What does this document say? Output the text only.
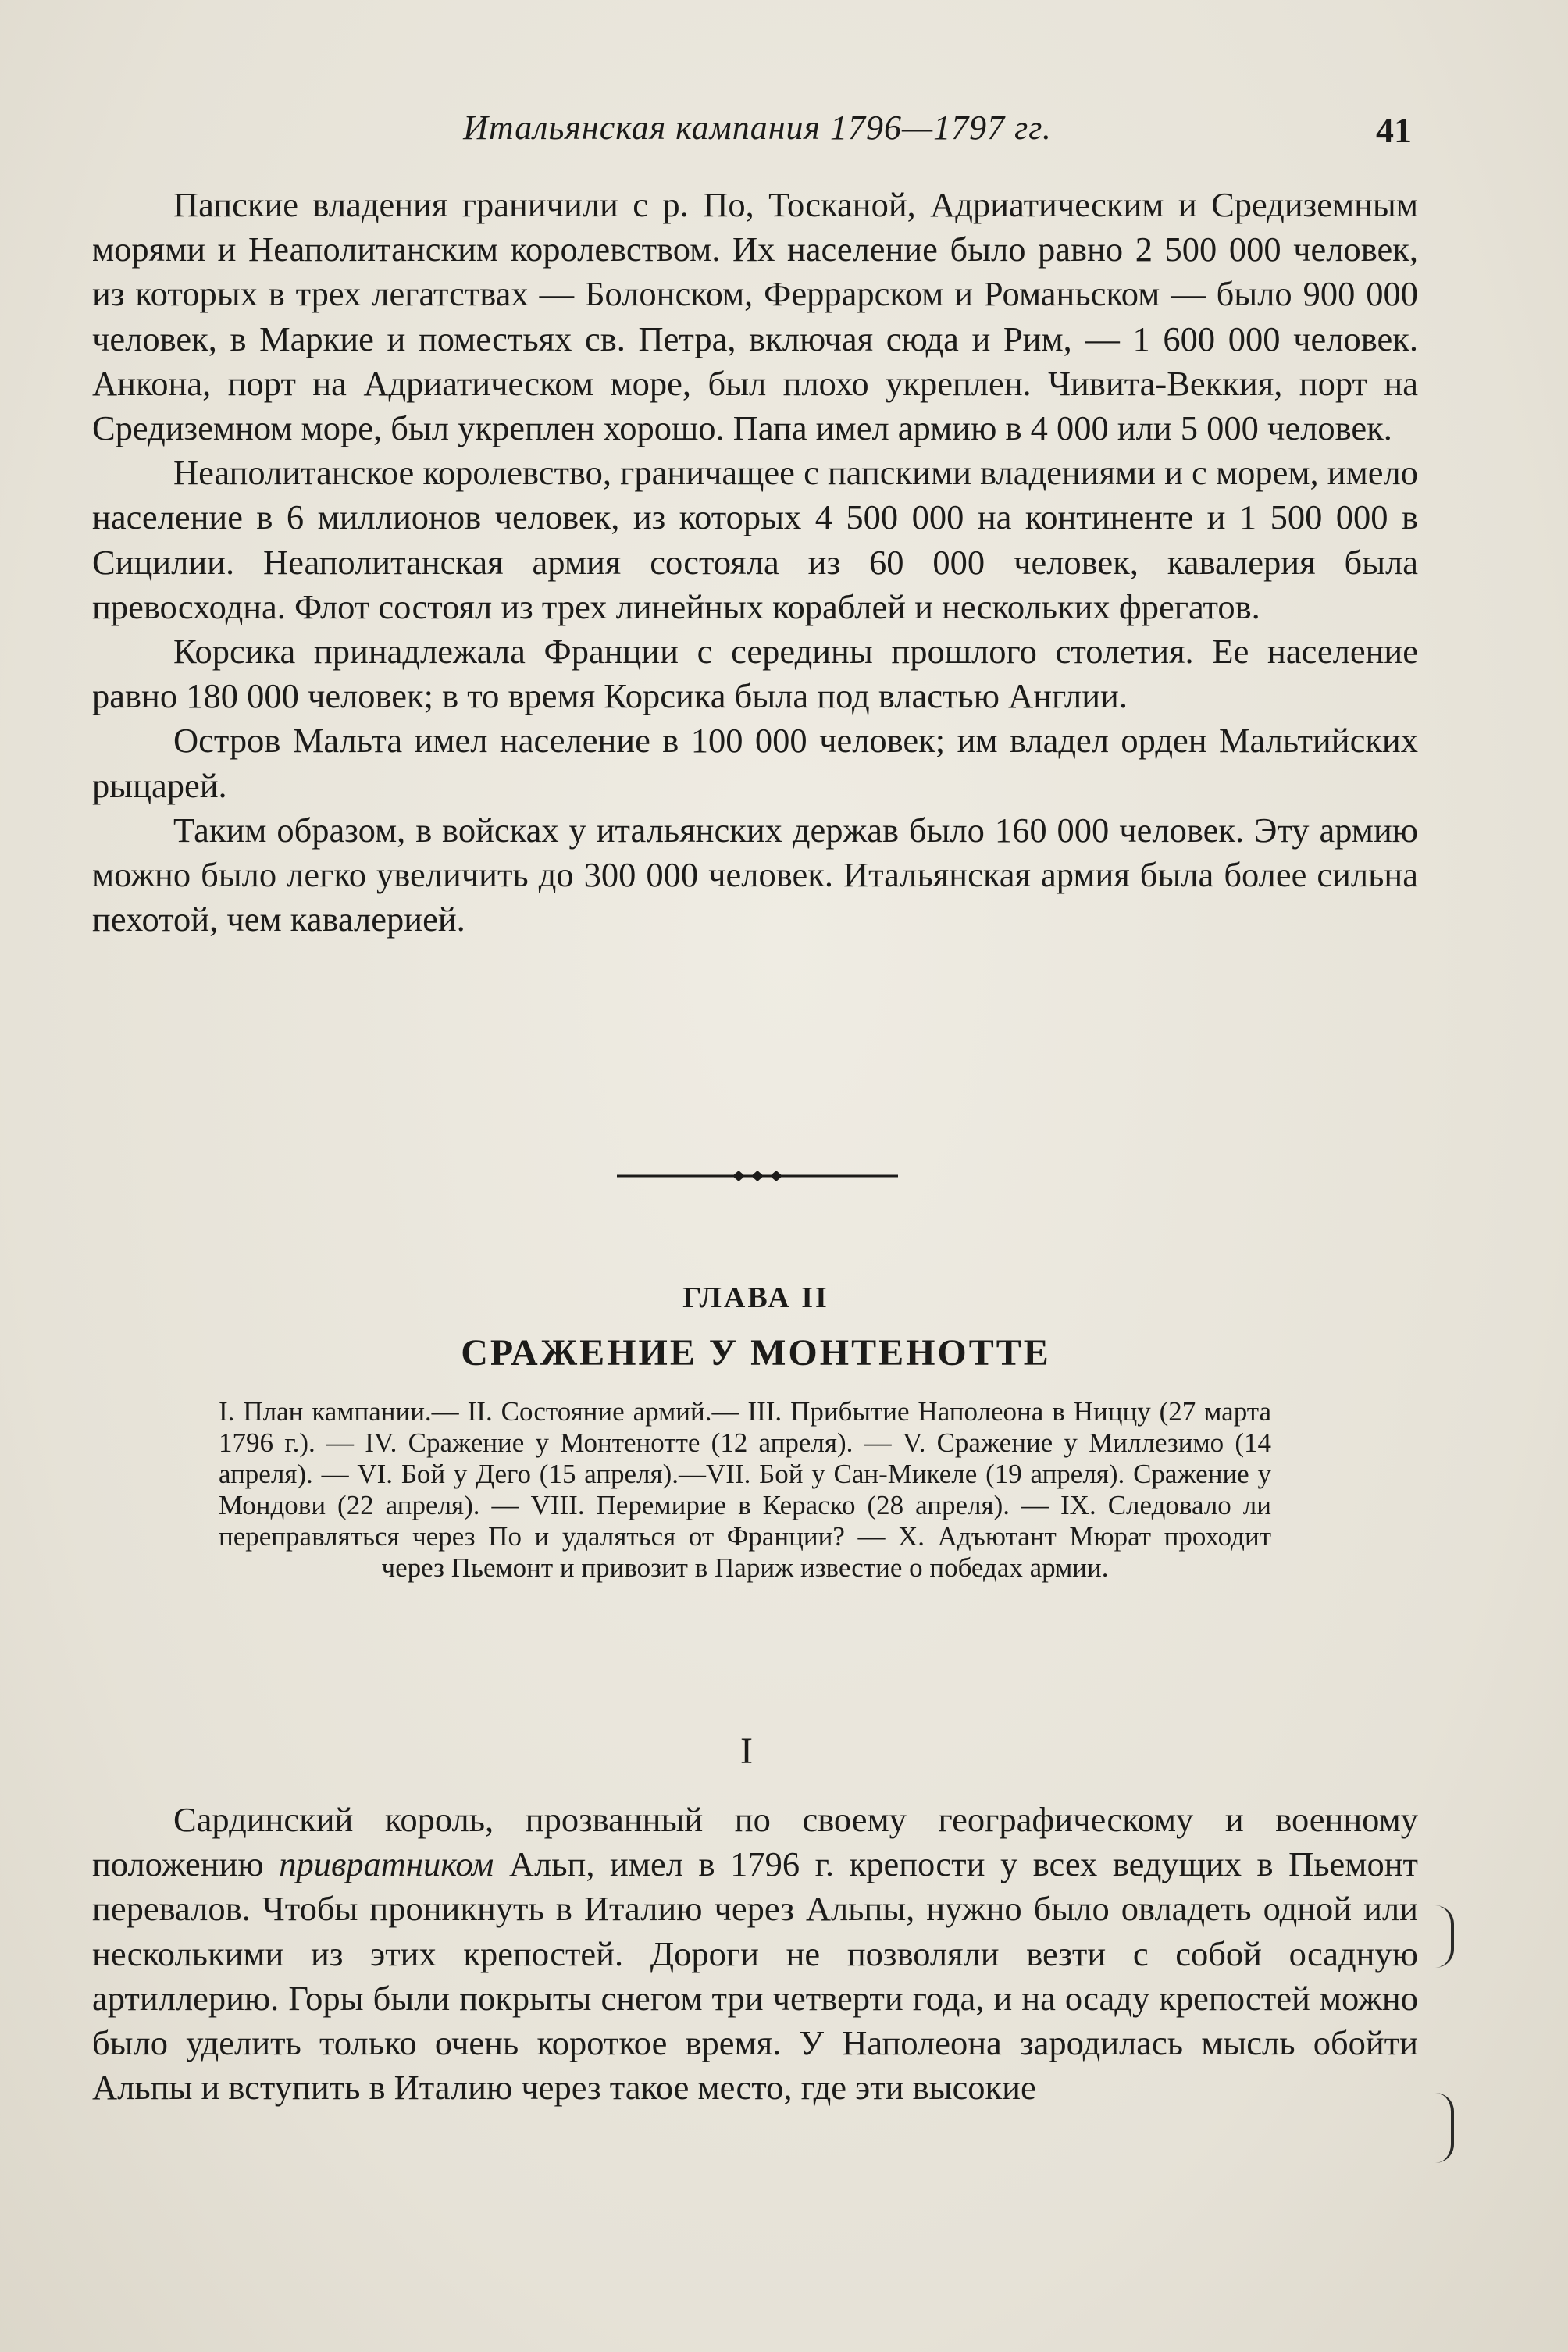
Итальянская кампания 1796—1797 гг.	41

Папские владения граничили с р. По, Тосканой, Адриатическим и Средиземным морями и Неаполитанским королевством. Их население было равно 2 500 000 человек, из которых в трех легатствах — Болонском, Феррарском и Романьском — было 900 000 человек, в Маркие и поместьях св. Петра, включая сюда и Рим, — 1 600 000 человек. Анкона, порт на Адриатическом море, был плохо укреплен. Чивита-Веккия, порт на Средиземном море, был укреплен хорошо. Папа имел армию в 4 000 или 5 000 человек.

Неаполитанское королевство, граничащее с папскими владениями и с морем, имело население в 6 миллионов человек, из которых 4 500 000 на континенте и 1 500 000 в Сицилии. Неаполитанская армия состояла из 60 000 человек, кавалерия была превосходна. Флот состоял из трех линейных кораблей и нескольких фрегатов.

Корсика принадлежала Франции с середины прошлого столетия. Ее население равно 180 000 человек; в то время Корсика была под властью Англии.

Остров Мальта имел население в 100 000 человек; им владел орден Мальтийских рыцарей.

Таким образом, в войсках у итальянских держав было 160 000 человек. Эту армию можно было легко увеличить до 300 000 человек. Итальянская армия была более сильна пехотой, чем кавалерией.

ГЛАВА II
СРАЖЕНИЕ У МОНТЕНОТТЕ
I. План кампании.— II. Состояние армий.— III. Прибытие Наполеона в Ниццу (27 марта 1796 г.). — IV. Сражение у Монтенотте (12 апреля). — V. Сражение у Миллезимо (14 апреля). — VI. Бой у Дего (15 апреля).—VII. Бой у Сан-Микеле (19 апреля). Сражение у Мондови (22 апреля). — VIII. Перемирие в Кераско (28 апреля). — IX. Следовало ли переправляться через По и удаляться от Франции? — X. Адъютант Мюрат проходит через Пьемонт и привозит в Париж известие о победах армии.
I

Сардинский король, прозванный по своему географическому и военному положению привратником Альп, имел в 1796 г. крепости у всех ведущих в Пьемонт перевалов. Чтобы проникнуть в Италию через Альпы, нужно было овладеть одной или несколькими из этих крепостей. Дороги не позволяли везти с собой осадную артиллерию. Горы были покрыты снегом три четверти года, и на осаду крепостей можно было уделить только очень короткое время. У Наполеона зародилась мысль обойти Альпы и вступить в Италию через такое место, где эти высокие
